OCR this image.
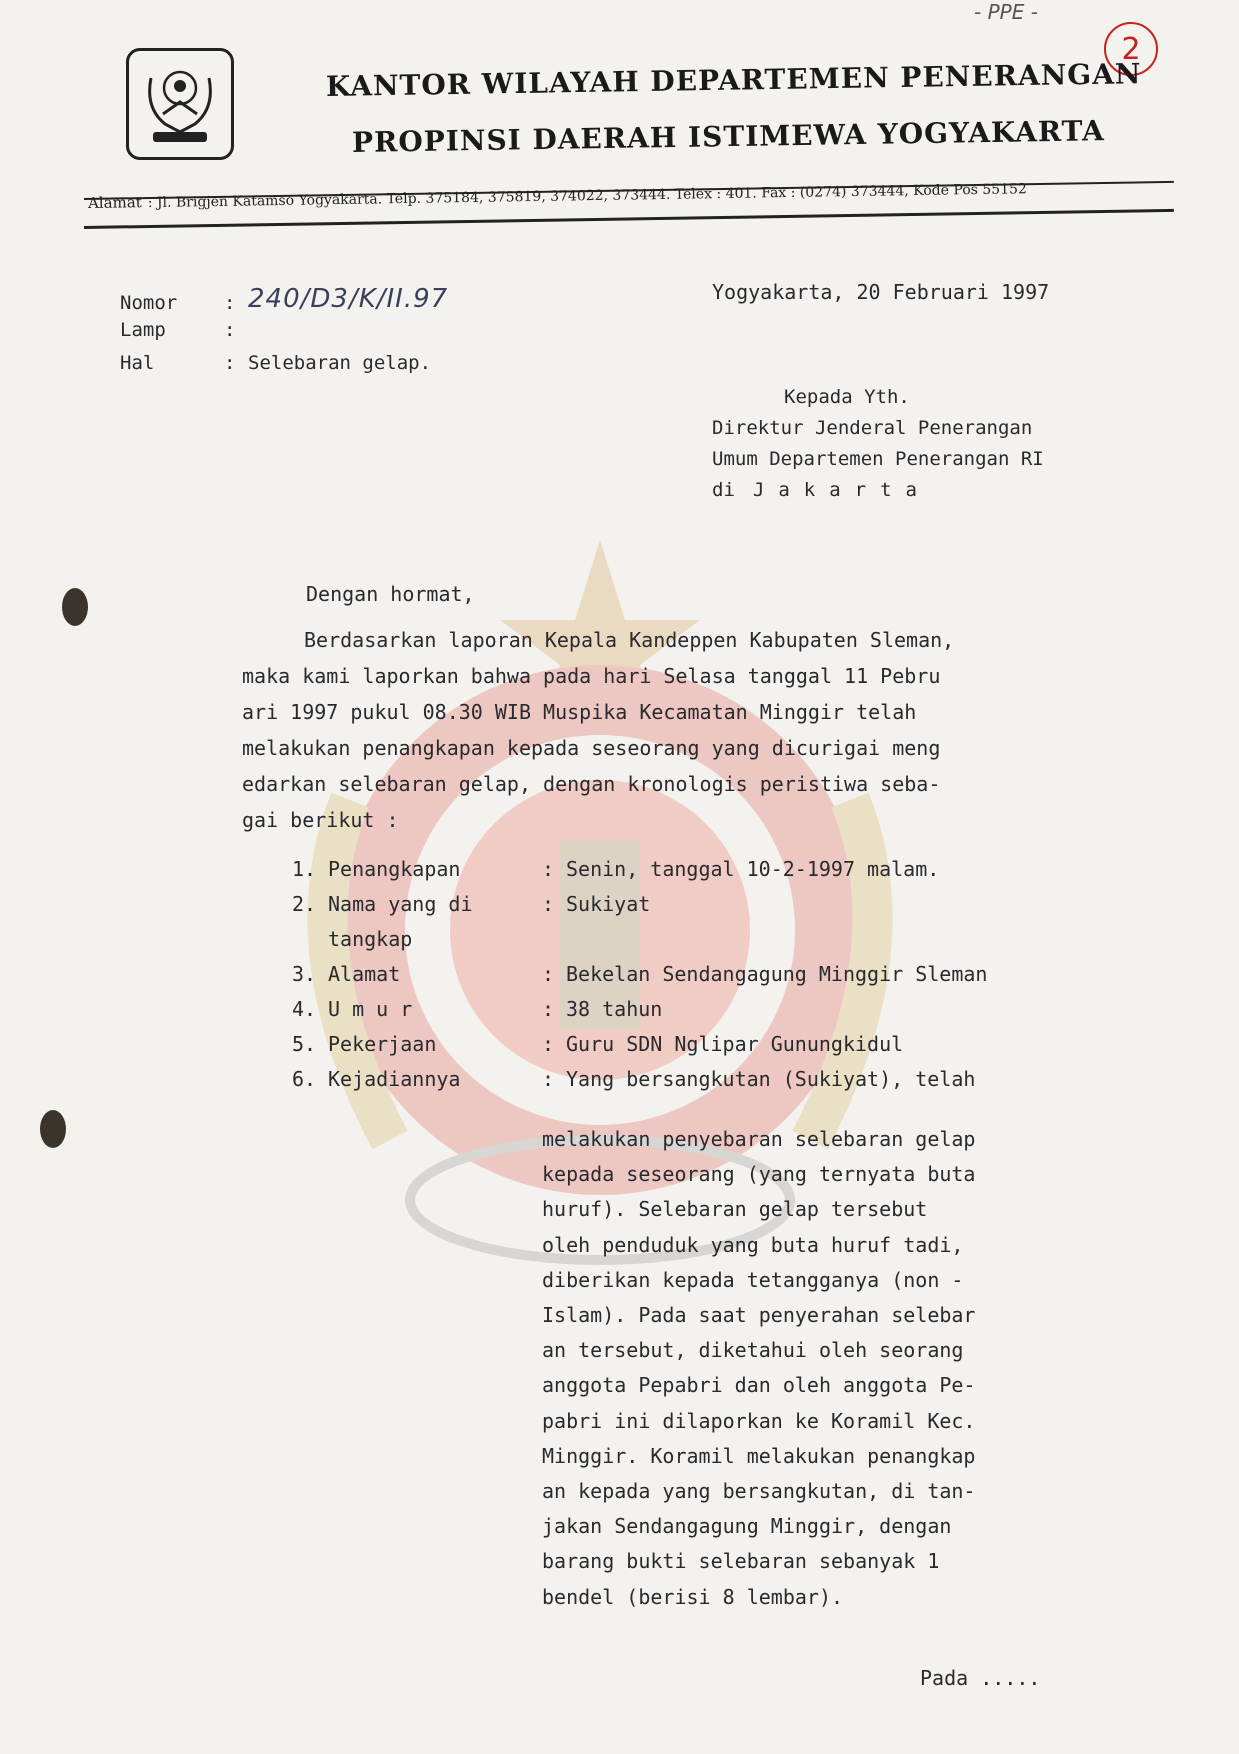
- PPE -
2
KANTOR WILAYAH DEPARTEMEN PENERANGAN
PROPINSI DAERAH ISTIMEWA YOGYAKARTA
Alamat : Jl. Brigjen Katamso Yogyakarta. Telp. 375184, 375819, 374022, 373444. Telex : 401. Fax : (0274) 373444, Kode Pos 55152
Nomor	: 240/D3/K/II.97
Lamp	:
Hal	: Selebaran gelap.
Yogyakarta, 20 Februari 1997
Kepada Yth.
Direktur Jenderal Penerangan
Umum Departemen Penerangan RI
di Jakarta
Dengan hormat,
Berdasarkan laporan Kepala Kandeppen Kabupaten Sleman,
maka kami laporkan bahwa pada hari Selasa tanggal 11 Pebru
ari 1997 pukul 08.30 WIB Muspika Kecamatan Minggir telah
melakukan penangkapan kepada seseorang yang dicurigai meng
edarkan selebaran gelap, dengan kronologis peristiwa seba-
gai berikut :
1. Penangkapan	: Senin, tanggal 10-2-1997 malam.
2. Nama yang di	: Sukiyat
tangkap
3. Alamat	: Bekelan Sendangagung Minggir Sleman
4. U m u r	: 38 tahun
5. Pekerjaan	: Guru SDN Nglipar Gunungkidul
6. Kejadiannya	: Yang bersangkutan (Sukiyat), telah
melakukan penyebaran selebaran gelap
kepada seseorang (yang ternyata buta
huruf). Selebaran gelap tersebut
oleh penduduk yang buta huruf tadi,
diberikan kepada tetangganya (non -
Islam). Pada saat penyerahan selebar
an tersebut, diketahui oleh seorang
anggota Pepabri dan oleh anggota Pe-
pabri ini dilaporkan ke Koramil Kec.
Minggir. Koramil melakukan penangkap
an kepada yang bersangkutan, di tan-
jakan Sendangagung Minggir, dengan
barang bukti selebaran sebanyak 1
bendel (berisi 8 lembar).
Pada .....
